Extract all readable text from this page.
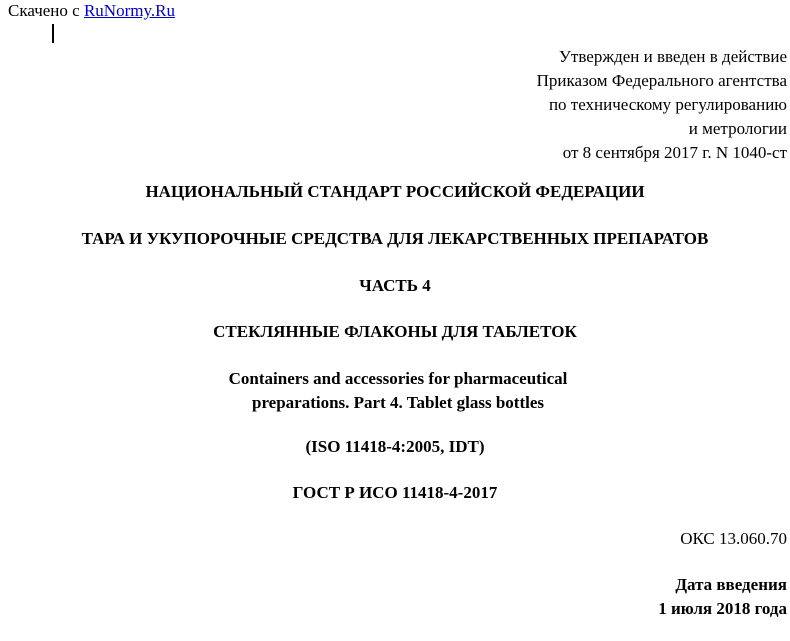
Скачено с RuNormy.Ru
Утвержден и введен в действие
Приказом Федерального агентства
по техническому регулированию
и метрологии
от 8 сентября 2017 г. N 1040-ст
НАЦИОНАЛЬНЫЙ СТАНДАРТ РОССИЙСКОЙ ФЕДЕРАЦИИ
ТАРА И УКУПОРОЧНЫЕ СРЕДСТВА ДЛЯ ЛЕКАРСТВЕННЫХ ПРЕПАРАТОВ
ЧАСТЬ 4
СТЕКЛЯННЫЕ ФЛАКОНЫ ДЛЯ ТАБЛЕТОК
Containers and accessories for pharmaceutical
preparations. Part 4. Tablet glass bottles
(ISO 11418-4:2005, IDT)
ГОСТ Р ИСО 11418-4-2017
ОКС 13.060.70
Дата введения
1 июля 2018 года
